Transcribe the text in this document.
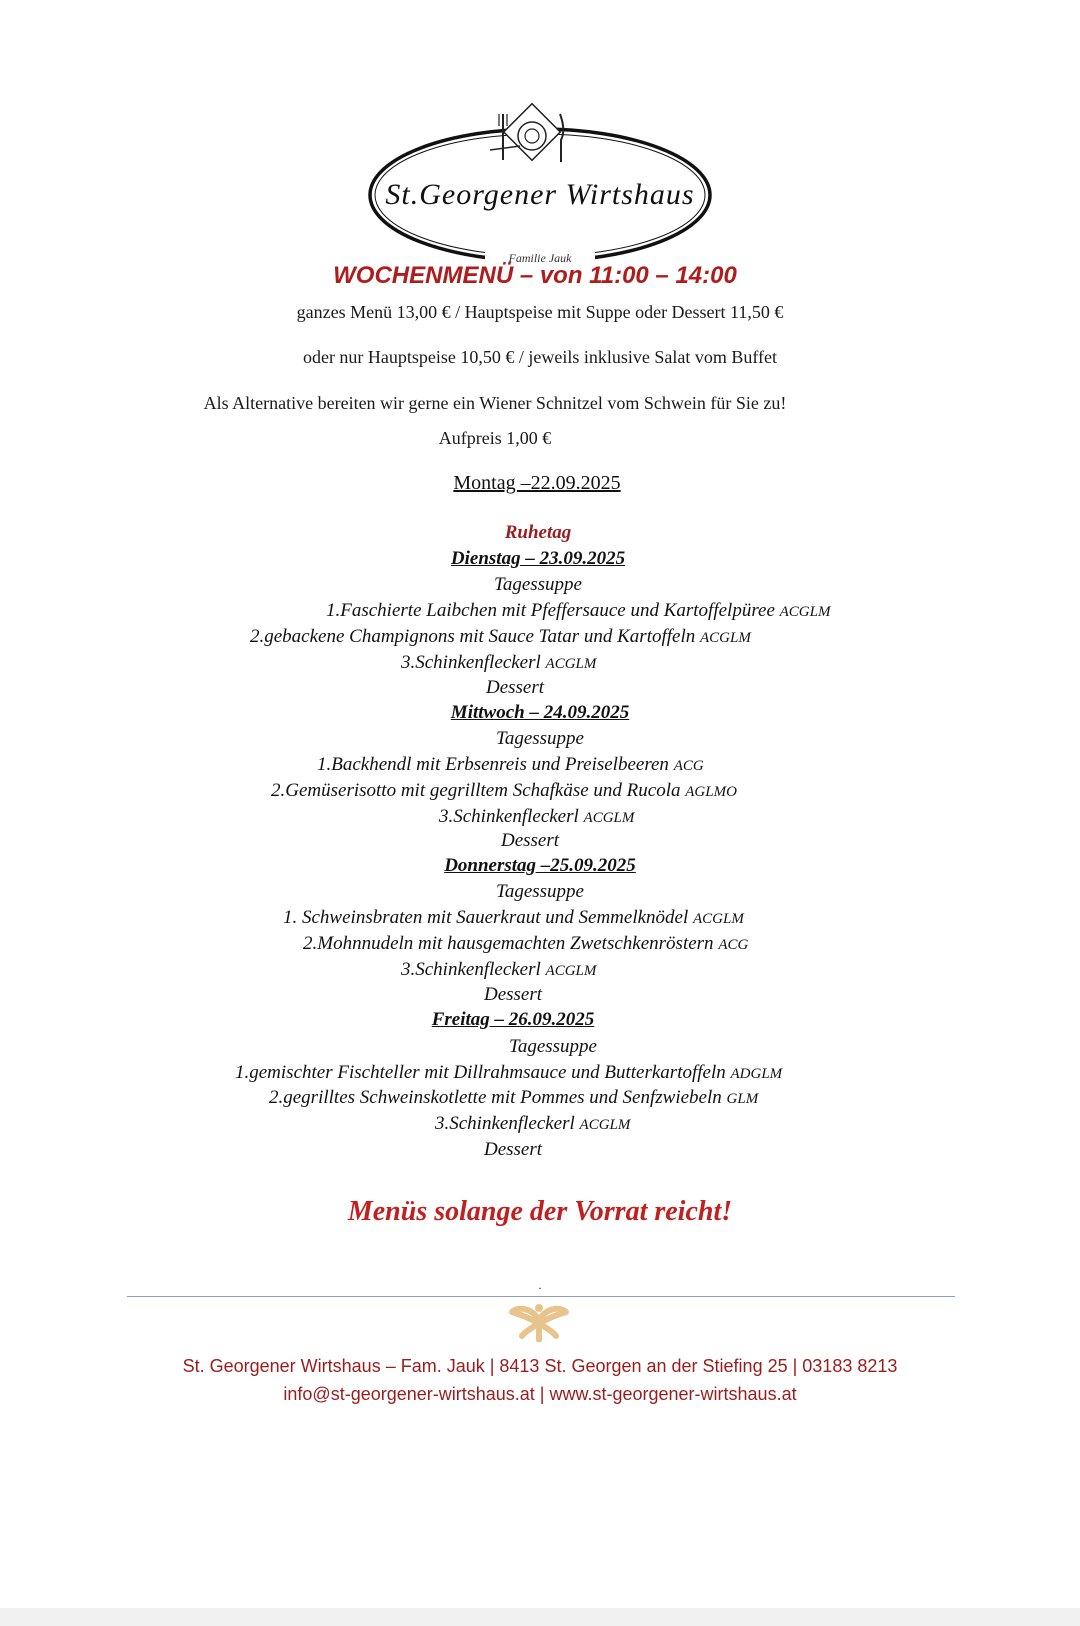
St.Georgener Wirtshaus
Familie Jauk
WOCHENMENÜ – von 11:00 – 14:00
ganzes Menü 13,00 € / Hauptspeise mit Suppe oder Dessert 11,50 €
oder nur Hauptspeise 10,50 € / jeweils inklusive Salat vom Buffet
Als Alternative bereiten wir gerne ein Wiener Schnitzel vom Schwein für Sie zu!
Aufpreis 1,00 €
Montag –22.09.2025
Ruhetag
Dienstag – 23.09.2025
Tagessuppe
1.Faschierte Laibchen mit Pfeffersauce und Kartoffelpüree ACGLM
2.gebackene Champignons mit Sauce Tatar und Kartoffeln ACGLM
3.Schinkenfleckerl ACGLM
Dessert
Mittwoch – 24.09.2025
Tagessuppe
1.Backhendl mit Erbsenreis und Preiselbeeren ACG
2.Gemüserisotto mit gegrilltem Schafkäse und Rucola AGLMO
3.Schinkenfleckerl ACGLM
Dessert
Donnerstag –25.09.2025
Tagessuppe
1. Schweinsbraten mit Sauerkraut und Semmelknödel ACGLM
2.Mohnnudeln mit hausgemachten Zwetschkenröstern ACG
3.Schinkenfleckerl ACGLM
Dessert
Freitag – 26.09.2025
Tagessuppe
1.gemischter Fischteller mit Dillrahmsauce und Butterkartoffeln ADGLM
2.gegrilltes Schweinskotlette mit Pommes und Senfzwiebeln GLM
3.Schinkenfleckerl ACGLM
Dessert
Menüs solange der Vorrat reicht!
.
St. Georgener Wirtshaus – Fam. Jauk | 8413 St. Georgen an der Stiefing 25 | 03183 8213
info@st-georgener-wirtshaus.at | www.st-georgener-wirtshaus.at
